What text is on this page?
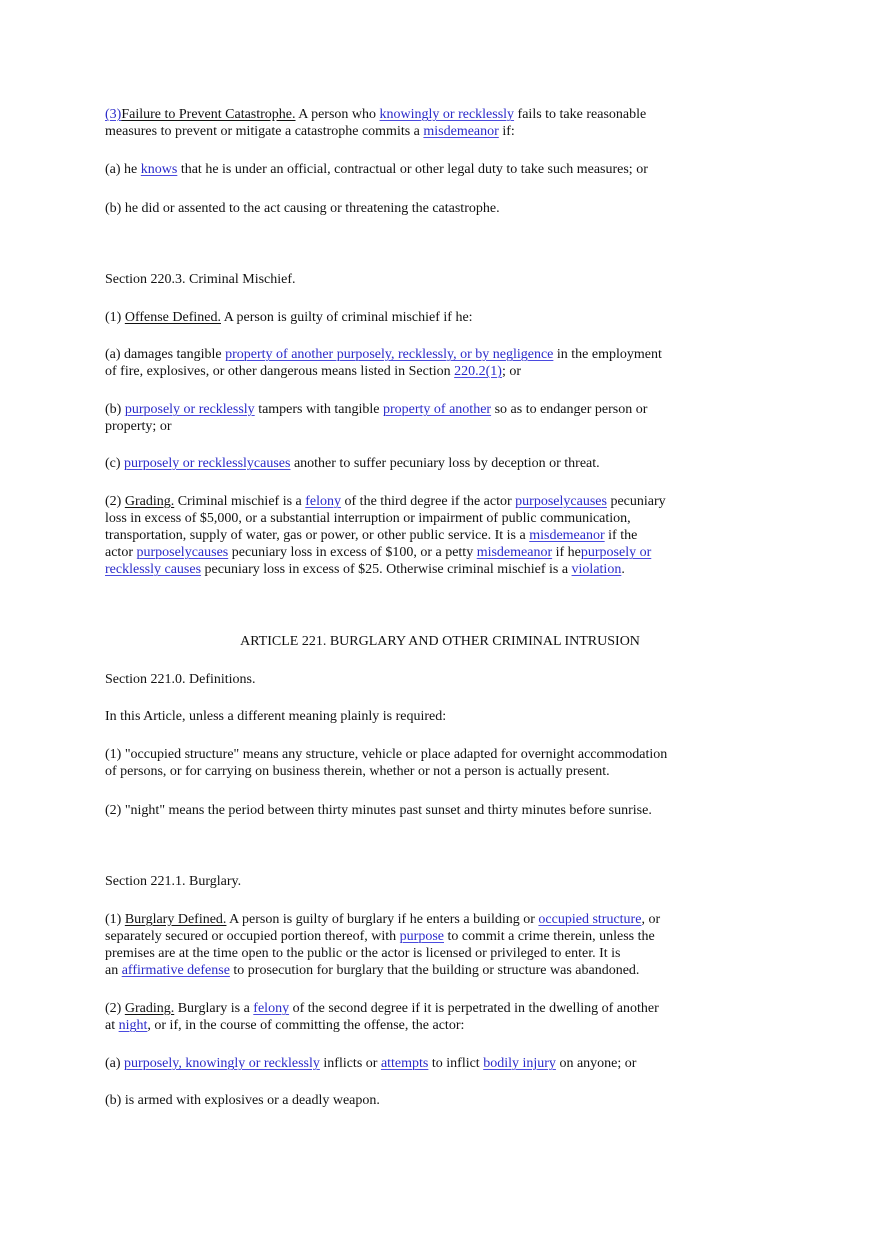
(3)Failure to Prevent Catastrophe. A person who knowingly or recklessly fails to take reasonable

measures to prevent or mitigate a catastrophe commits a misdemeanor if:

(a) he knows that he is under an official, contractual or other legal duty to take such measures; or

(b) he did or assented to the act causing or threatening the catastrophe.

Section 220.3. Criminal Mischief.

(1) Offense Defined. A person is guilty of criminal mischief if he:

(a) damages tangible property of another purposely, recklessly, or by negligence in the employment

of fire, explosives, or other dangerous means listed in Section 220.2(1); or

(b) purposely or recklessly tampers with tangible property of another so as to endanger person or

property; or

(c) purposely or recklesslycauses another to suffer pecuniary loss by deception or threat.

(2) Grading. Criminal mischief is a felony of the third degree if the actor purposelycauses pecuniary

loss in excess of $5,000, or a substantial interruption or impairment of public communication,

transportation, supply of water, gas or power, or other public service. It is a misdemeanor if the

actor purposelycauses pecuniary loss in excess of $100, or a petty misdemeanor if hepurposely or

recklessly causes pecuniary loss in excess of $25. Otherwise criminal mischief is a violation.

ARTICLE 221. BURGLARY AND OTHER CRIMINAL INTRUSION

Section 221.0. Definitions.

In this Article, unless a different meaning plainly is required:

(1) "occupied structure" means any structure, vehicle or place adapted for overnight accommodation

of persons, or for carrying on business therein, whether or not a person is actually present.

(2) "night" means the period between thirty minutes past sunset and thirty minutes before sunrise.

Section 221.1. Burglary.

(1) Burglary Defined. A person is guilty of burglary if he enters a building or occupied structure, or

separately secured or occupied portion thereof, with purpose to commit a crime therein, unless the

premises are at the time open to the public or the actor is licensed or privileged to enter. It is

an affirmative defense to prosecution for burglary that the building or structure was abandoned.

(2) Grading. Burglary is a felony of the second degree if it is perpetrated in the dwelling of another

at night, or if, in the course of committing the offense, the actor:

(a) purposely, knowingly or recklessly inflicts or attempts to inflict bodily injury on anyone; or

(b) is armed with explosives or a deadly weapon.
